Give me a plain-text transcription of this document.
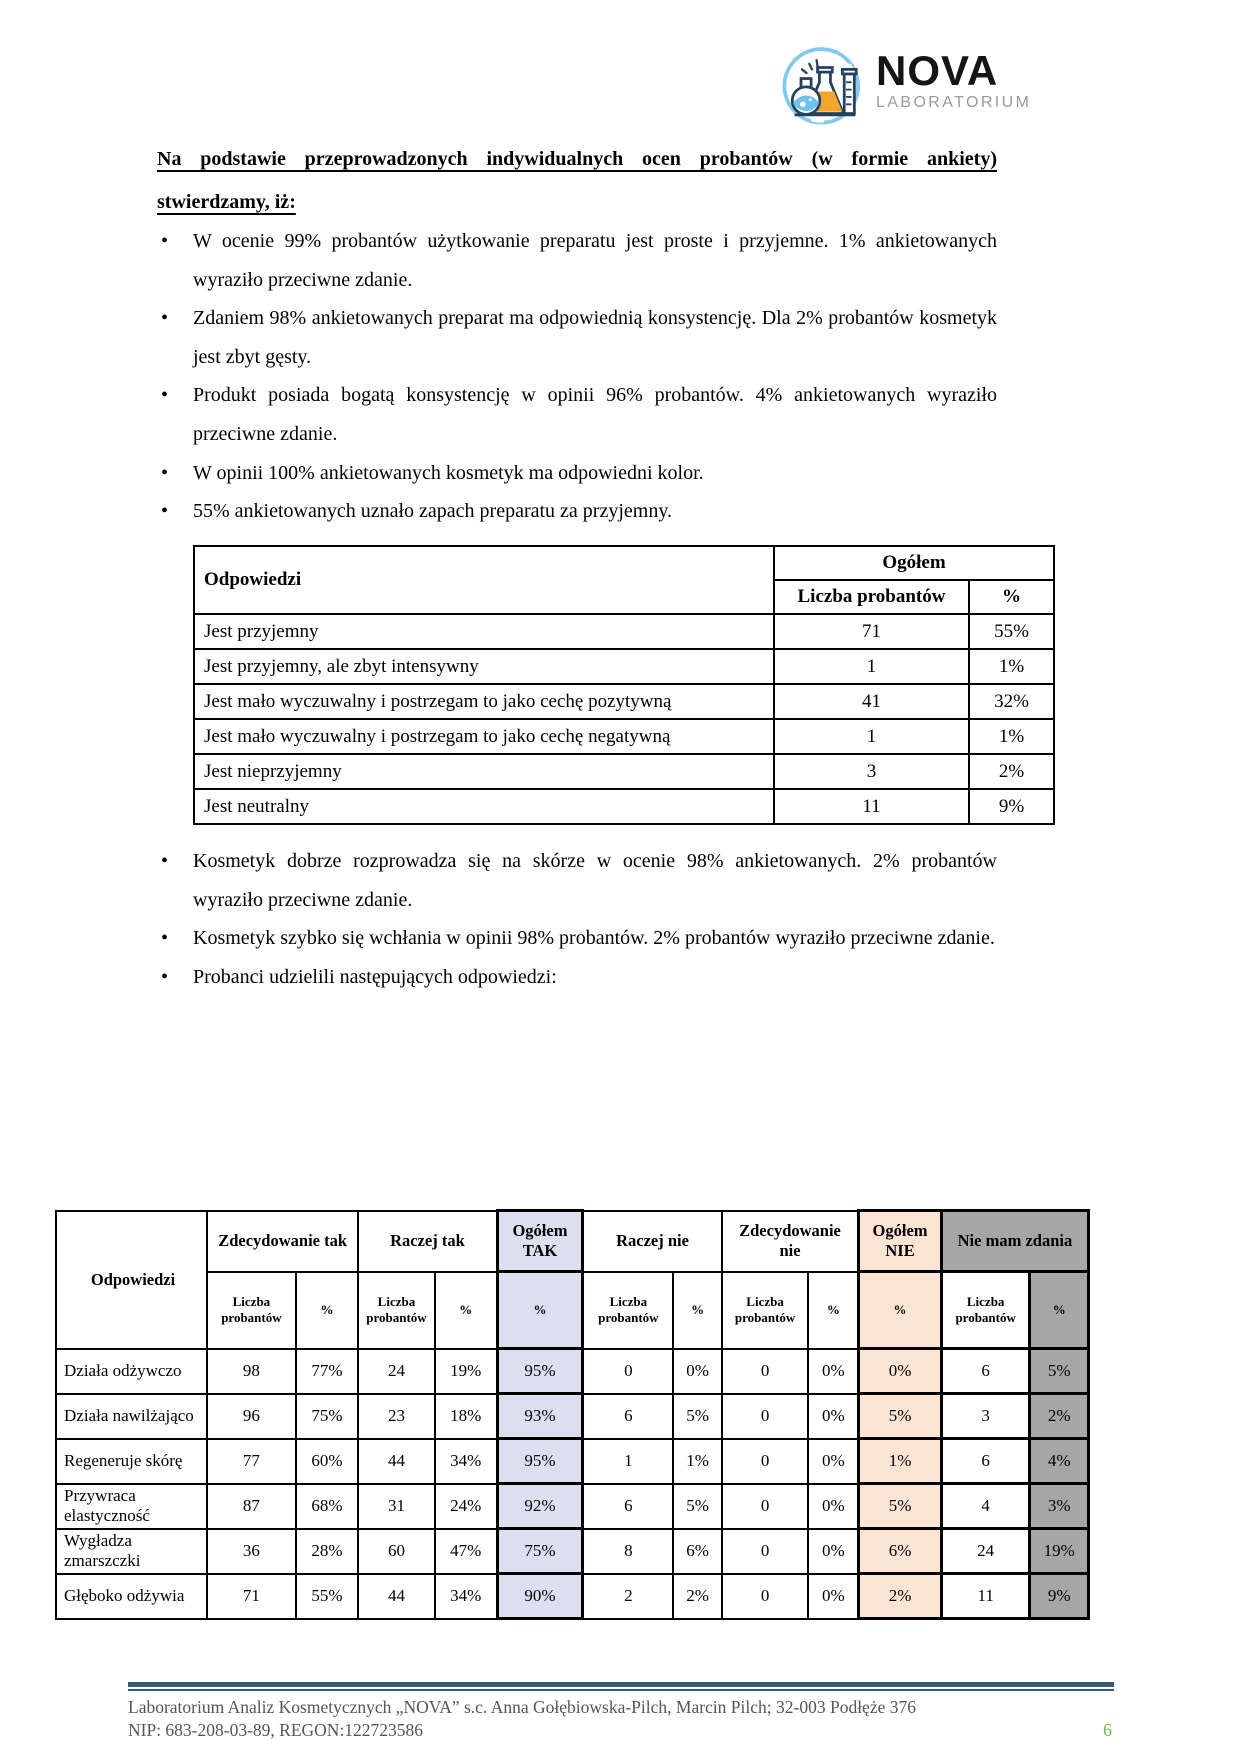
NOVA
LABORATORIUM
Na podstawie przeprowadzonych indywidualnych ocen probantów (w formie ankiety) stwierdzamy, iż:
• W ocenie 99% probantów użytkowanie preparatu jest proste i przyjemne. 1% ankietowanych wyraziło przeciwne zdanie.
• Zdaniem 98% ankietowanych preparat ma odpowiednią konsystencję. Dla 2% probantów kosmetyk jest zbyt gęsty.
• Produkt posiada bogatą konsystencję w opinii 96% probantów. 4% ankietowanych wyraziło przeciwne zdanie.
• W opinii 100% ankietowanych kosmetyk ma odpowiedni kolor.
• 55% ankietowanych uznało zapach preparatu za przyjemny.
Odpowiedzi	Ogółem	
	Liczba probantów	%
Jest przyjemny	71	55%
Jest przyjemny, ale zbyt intensywny	1	1%
Jest mało wyczuwalny i postrzegam to jako cechę pozytywną	41	32%
Jest mało wyczuwalny i postrzegam to jako cechę negatywną	1	1%
Jest nieprzyjemny	3	2%
Jest neutralny	11	9%
• Kosmetyk dobrze rozprowadza się na skórze w ocenie 98% ankietowanych. 2% probantów wyraziło przeciwne zdanie.
• Kosmetyk szybko się wchłania w opinii 98% probantów. 2% probantów wyraziło przeciwne zdanie.
• Probanci udzielili następujących odpowiedzi:
Odpowiedzi	Zdecydowanie tak		Raczej tak		Ogółem TAK	Raczej nie		Zdecydowanie nie		Ogółem NIE	Nie mam zdania	
	Liczba probantów	%	Liczba probantów	%	%	Liczba probantów	%	Liczba probantów	%	%	Liczba probantów	%
Działa odżywczo	98	77%	24	19%	95%	0	0%	0	0%	0%	6	5%
Działa nawilżająco	96	75%	23	18%	93%	6	5%	0	0%	5%	3	2%
Regeneruje skórę	77	60%	44	34%	95%	1	1%	0	0%	1%	6	4%
Przywraca elastyczność	87	68%	31	24%	92%	6	5%	0	0%	5%	4	3%
Wygładza zmarszczki	36	28%	60	47%	75%	8	6%	0	0%	6%	24	19%
Głęboko odżywia	71	55%	44	34%	90%	2	2%	0	0%	2%	11	9%
Laboratorium Analiz Kosmetycznych „NOVA” s.c. Anna Gołębiowska-Pilch, Marcin Pilch; 32-003 Podłęże 376
NIP: 683-208-03-89, REGON:122723586	6
